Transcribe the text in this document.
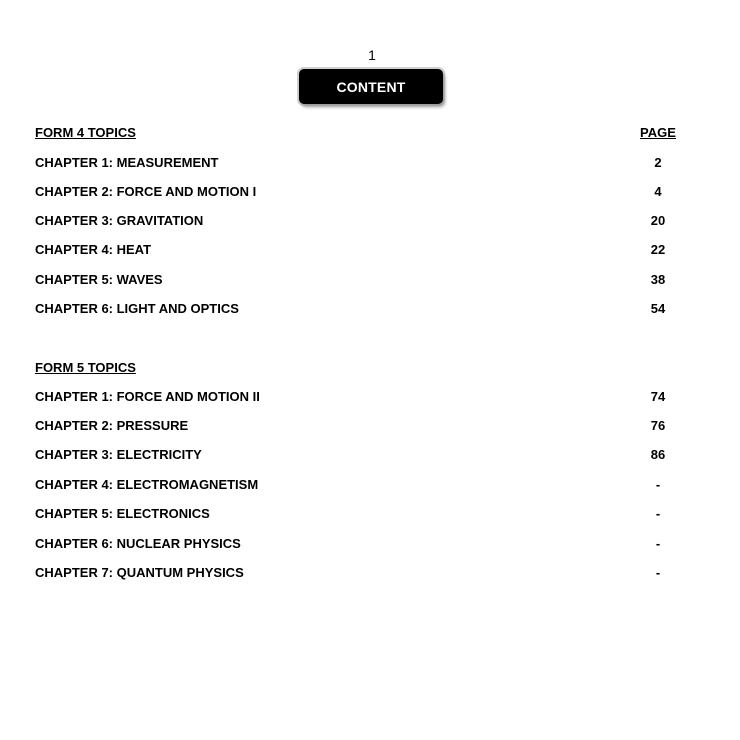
1
CONTENT
FORM 4 TOPICS	PAGE
CHAPTER 1: MEASUREMENT	2
CHAPTER 2: FORCE AND MOTION I	4
CHAPTER 3: GRAVITATION	20
CHAPTER 4: HEAT	22
CHAPTER 5: WAVES	38
CHAPTER 6: LIGHT AND OPTICS	54
FORM 5 TOPICS
CHAPTER 1: FORCE AND MOTION II	74
CHAPTER 2: PRESSURE	76
CHAPTER 3: ELECTRICITY	86
CHAPTER 4: ELECTROMAGNETISM	-
CHAPTER 5: ELECTRONICS	-
CHAPTER 6: NUCLEAR PHYSICS	-
CHAPTER 7: QUANTUM PHYSICS	-
